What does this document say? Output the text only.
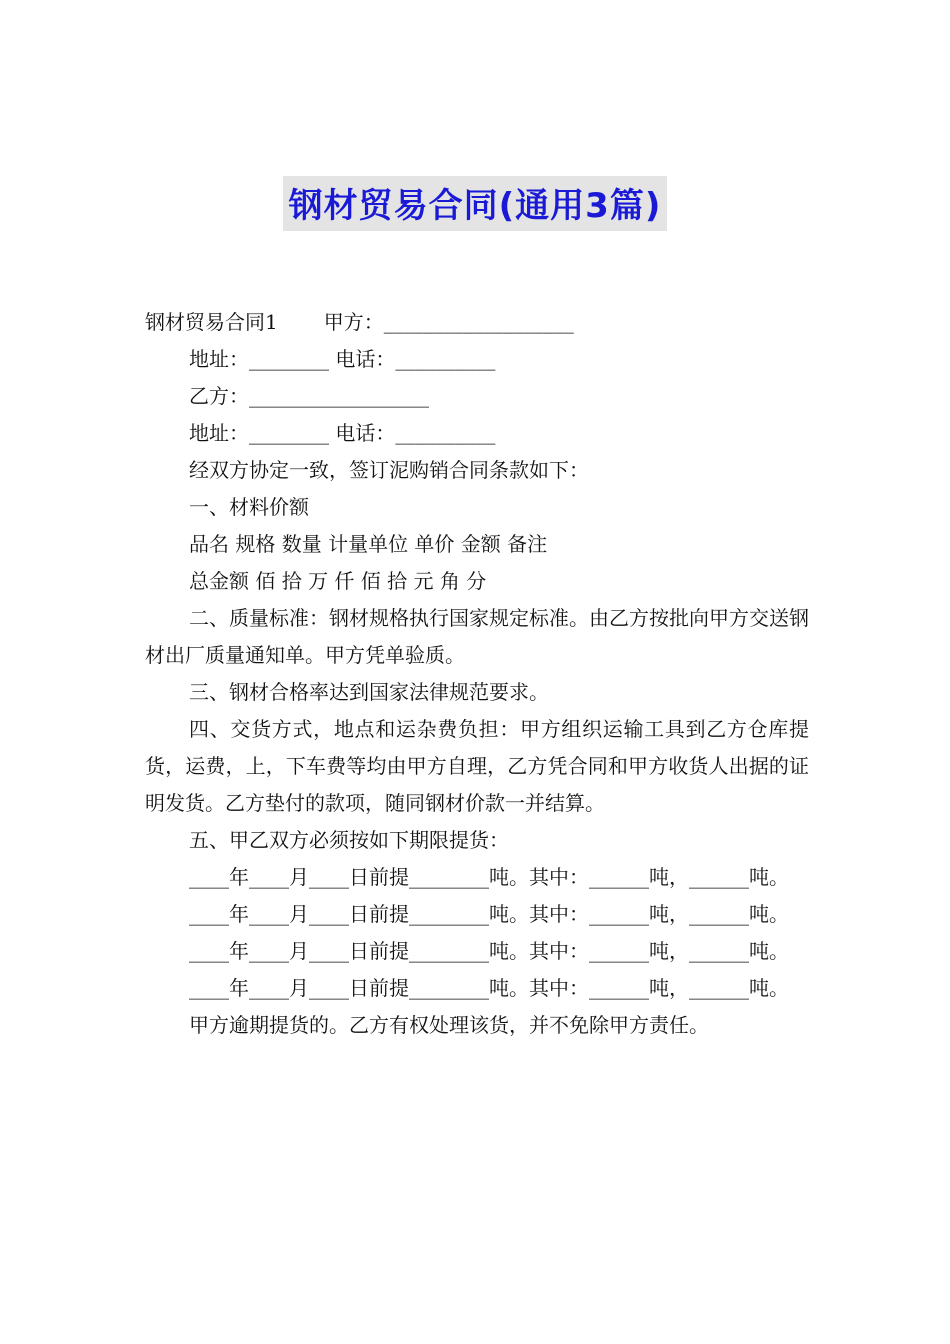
钢材贸易合同(通用3篇)
钢材贸易合同1 甲方：___________________
地址：________ 电话：__________
乙方：__________________
地址：________ 电话：__________
经双方协定一致，签订泥购销合同条款如下：
一、材料价额
品名 规格 数量 计量单位 单价 金额 备注
总金额 佰 拾 万 仟 佰 拾 元 角 分
二、质量标准：钢材规格执行国家规定标准。由乙方按批向甲方交送钢材出厂质量通知单。甲方凭单验质。
三、钢材合格率达到国家法律规范要求。
四、交货方式，地点和运杂费负担：甲方组织运输工具到乙方仓库提货，运费，上，下车费等均由甲方自理，乙方凭合同和甲方收货人出据的证明发货。乙方垫付的款项，随同钢材价款一并结算。
五、甲乙双方必须按如下期限提货：
____年____月____日前提________吨。其中：______吨，______吨。
____年____月____日前提________吨。其中：______吨，______吨。
____年____月____日前提________吨。其中：______吨，______吨。
____年____月____日前提________吨。其中：______吨，______吨。
甲方逾期提货的。乙方有权处理该货，并不免除甲方责任。
